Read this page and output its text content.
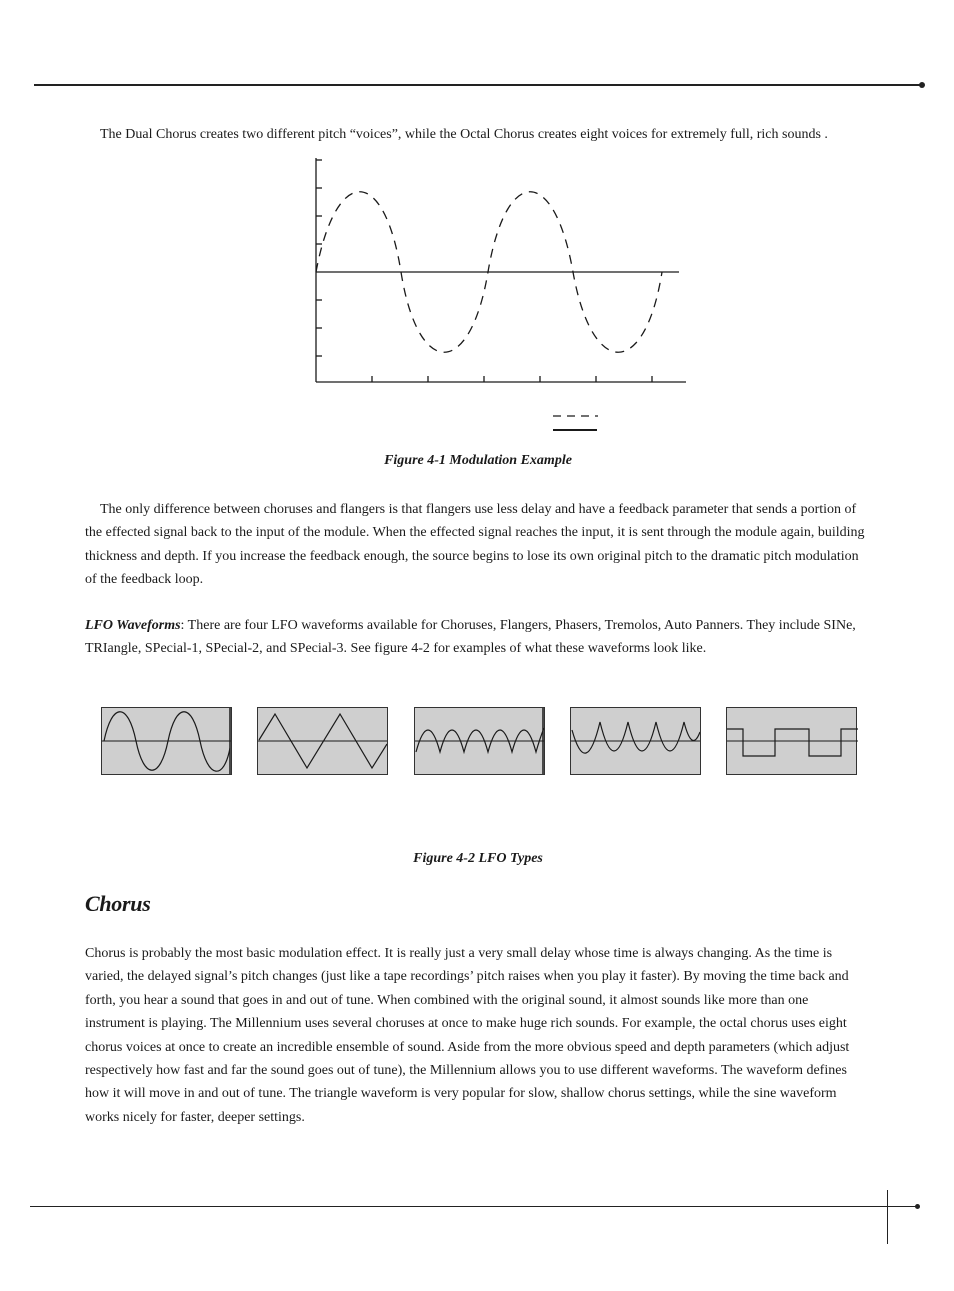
The Dual Chorus creates two different pitch “voices”, while the Octal Chorus creates eight voices for extremely full, rich sounds .

Figure 4-1 Modulation Example

The only difference between choruses and flangers is that flangers use less delay and have a feedback parameter that sends a portion of the effected signal back to the input of the module. When the effected signal reaches the input, it is sent through the module again, building thickness and depth. If you increase the feedback enough, the source begins to lose its own original pitch to the dramatic pitch modulation of the feedback loop.

LFO Waveforms: There are four LFO waveforms available for Choruses, Flangers, Phasers, Tremolos, Auto Panners. They include SINe, TRIangle, SPecial-1, SPecial-2, and SPecial-3. See figure 4-2 for examples of what these waveforms look like.

Figure 4-2 LFO Types
Chorus

Chorus is probably the most basic modulation effect. It is really just a very small delay whose time is always changing. As the time is varied, the delayed signal’s pitch changes (just like a tape recordings’ pitch raises when you play it faster). By moving the time back and forth, you hear a sound that goes in and out of tune. When combined with the original sound, it almost sounds like more than one instrument is playing. The Millennium uses several choruses at once to make huge rich sounds. For example, the octal chorus uses eight chorus voices at once to create an incredible ensemble of sound. Aside from the more obvious speed and depth parameters (which adjust respectively how fast and far the sound goes out of tune), the Millennium allows you to use different waveforms. The waveform defines how it will move in and out of tune. The triangle waveform is very popular for slow, shallow chorus settings, while the sine waveform works nicely for faster, deeper settings.
